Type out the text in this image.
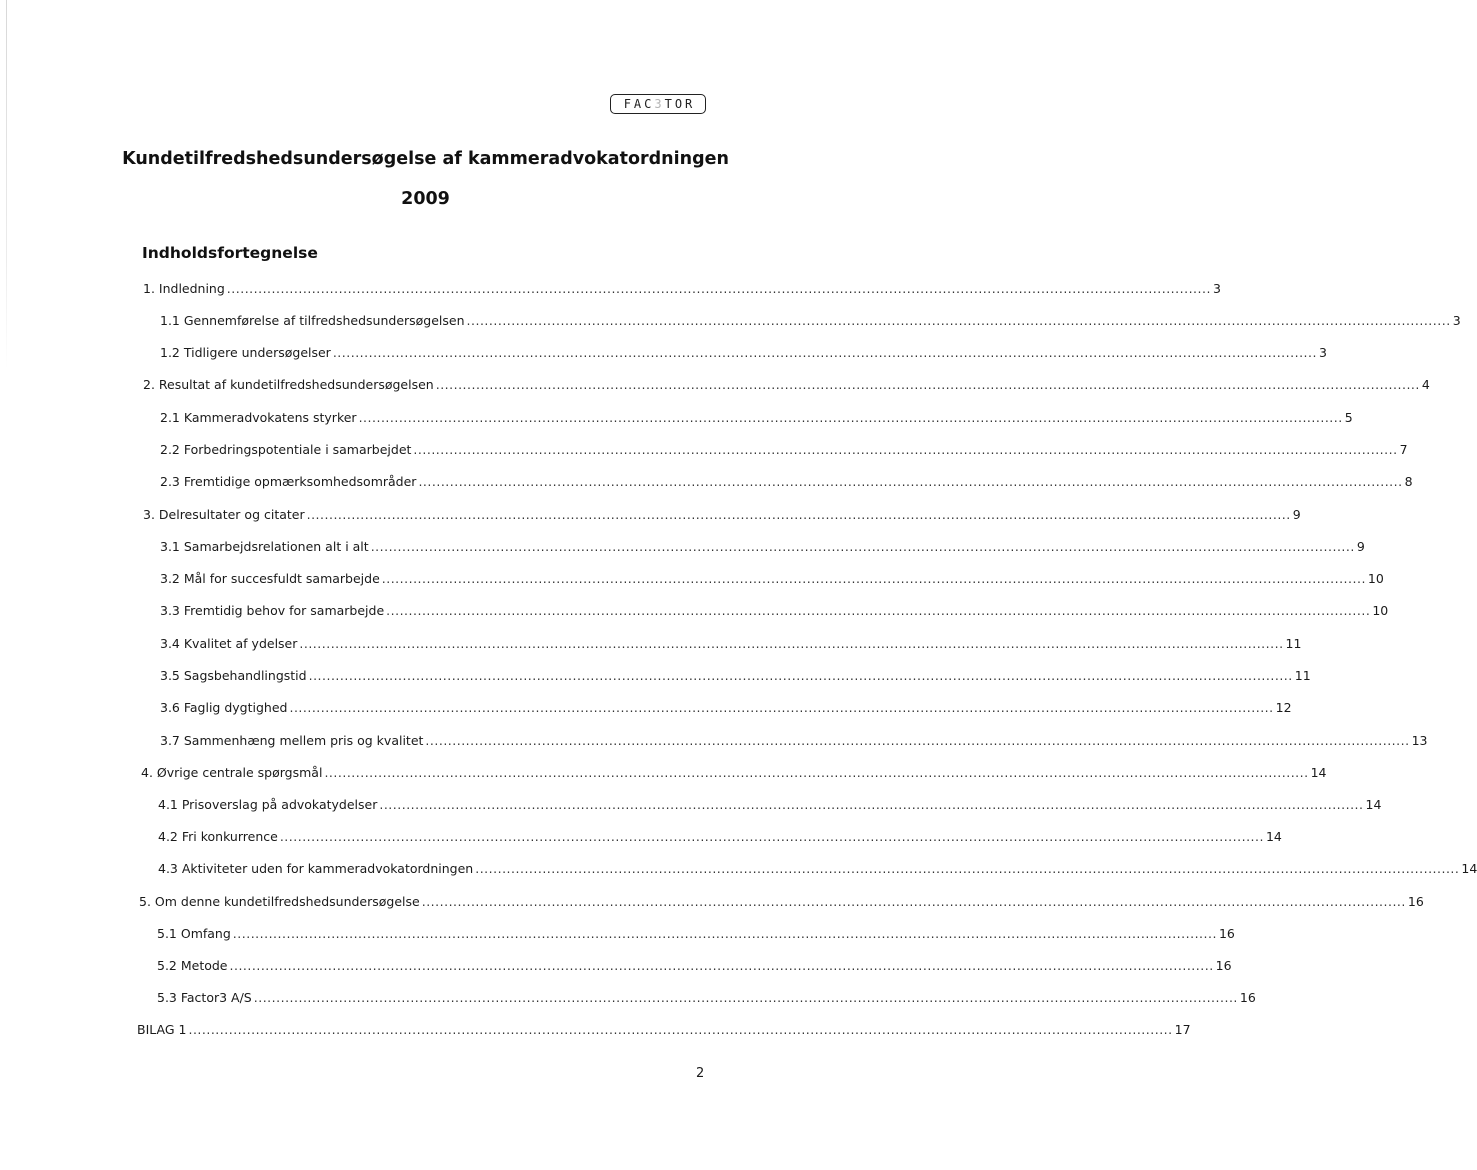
FAC 3 TOR
Kundetilfredshedsundersøgelse af kammeradvokatordningen
2009
Indholdsfortegnelse
1. Indledning ............................................................................................................................................................................................................................ 3
1.1 Gennemførelse af tilfredshedsundersøgelsen ............................................................................................................................................................................................................................ 3
1.2 Tidligere undersøgelser ............................................................................................................................................................................................................................ 3
2. Resultat af kundetilfredshedsundersøgelsen ............................................................................................................................................................................................................................ 4
2.1 Kammeradvokatens styrker ............................................................................................................................................................................................................................ 5
2.2 Forbedringspotentiale i samarbejdet ............................................................................................................................................................................................................................ 7
2.3 Fremtidige opmærksomhedsområder ............................................................................................................................................................................................................................ 8
3. Delresultater og citater ............................................................................................................................................................................................................................ 9
3.1 Samarbejdsrelationen alt i alt ............................................................................................................................................................................................................................ 9
3.2 Mål for succesfuldt samarbejde ............................................................................................................................................................................................................................ 10
3.3 Fremtidig behov for samarbejde ............................................................................................................................................................................................................................ 10
3.4 Kvalitet af ydelser ............................................................................................................................................................................................................................ 11
3.5 Sagsbehandlingstid ............................................................................................................................................................................................................................ 11
3.6 Faglig dygtighed ............................................................................................................................................................................................................................ 12
3.7 Sammenhæng mellem pris og kvalitet ............................................................................................................................................................................................................................ 13
4. Øvrige centrale spørgsmål ............................................................................................................................................................................................................................ 14
4.1 Prisoverslag på advokatydelser ............................................................................................................................................................................................................................ 14
4.2 Fri konkurrence ............................................................................................................................................................................................................................ 14
4.3 Aktiviteter uden for kammeradvokatordningen ............................................................................................................................................................................................................................ 14
5. Om denne kundetilfredshedsundersøgelse ............................................................................................................................................................................................................................ 16
5.1 Omfang ............................................................................................................................................................................................................................ 16
5.2 Metode ............................................................................................................................................................................................................................ 16
5.3 Factor3 A/S ............................................................................................................................................................................................................................ 16
BILAG 1 ............................................................................................................................................................................................................................ 17
2
